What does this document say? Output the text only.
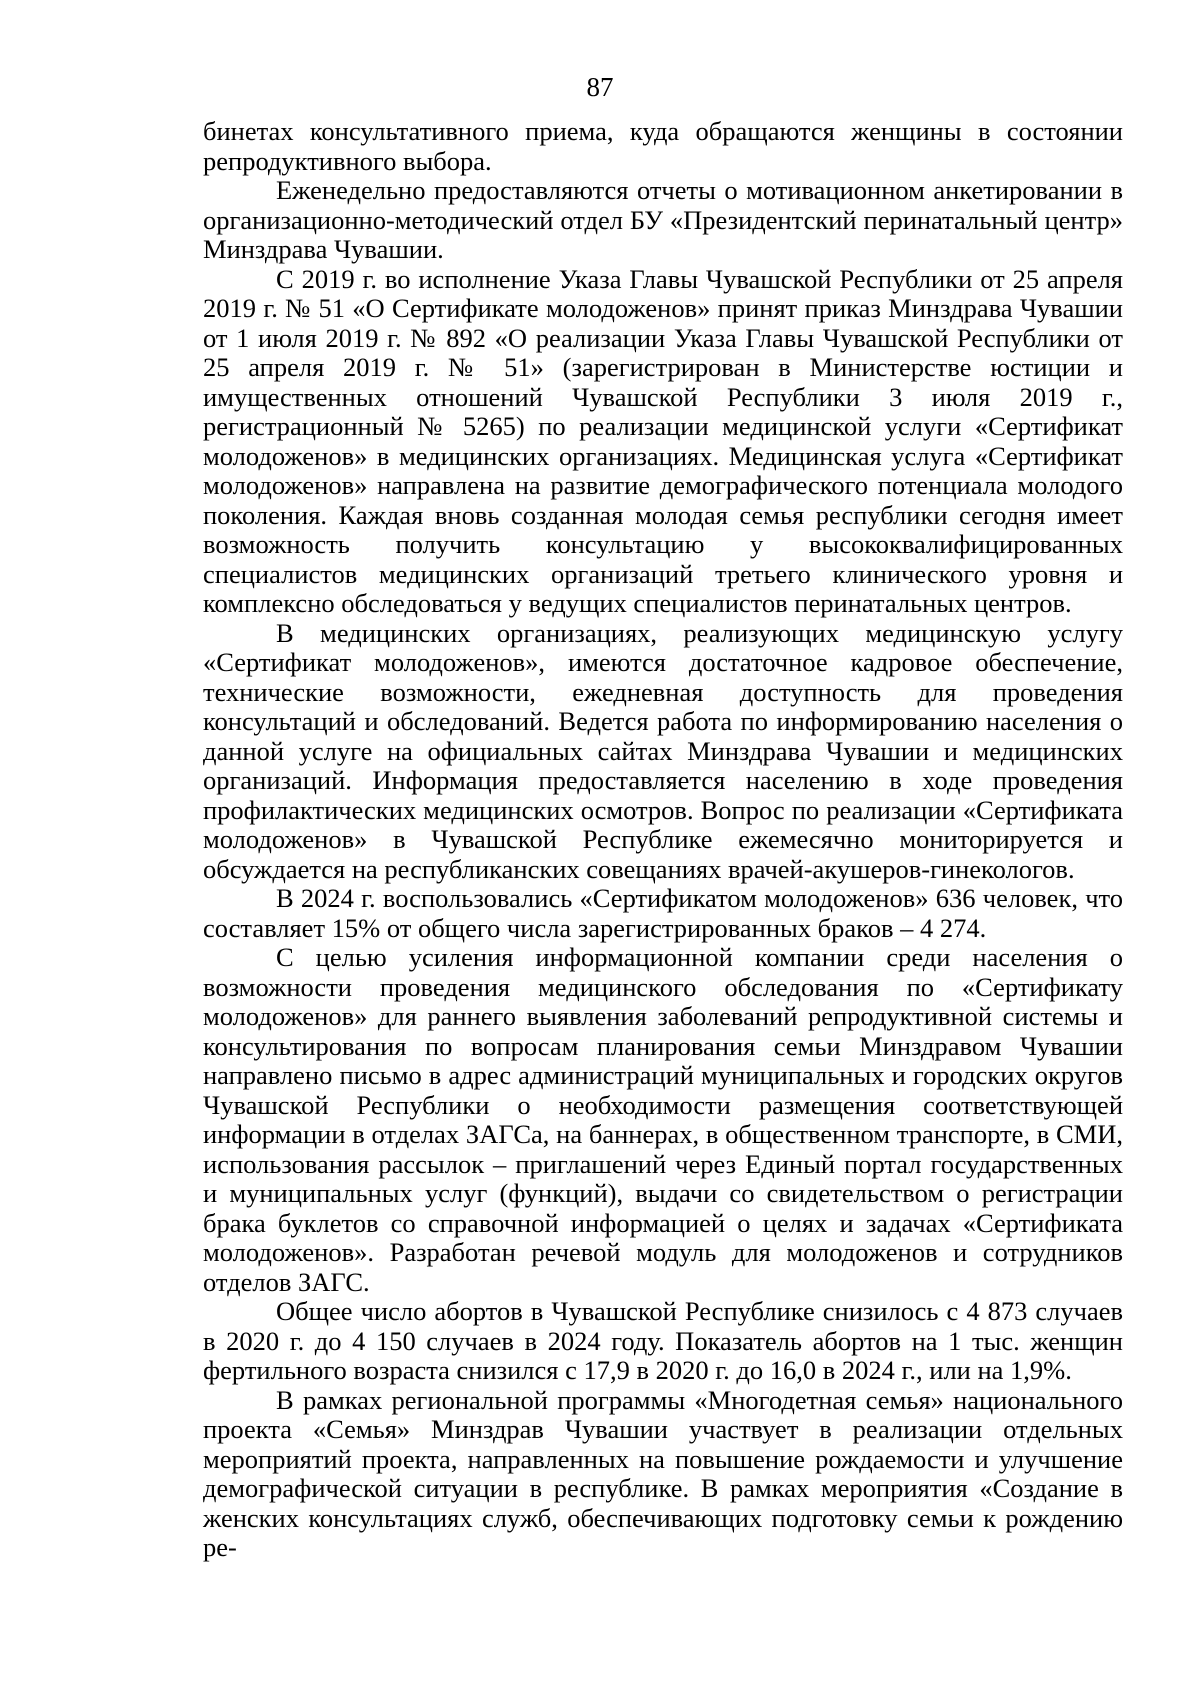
87

бинетах консультативного приема, куда обращаются женщины в состоянии репродуктивного выбора.

Еженедельно предоставляются отчеты о мотивационном анкетировании в организационно-методический отдел БУ «Президентский перинатальный центр» Минздрава Чувашии.

С 2019 г. во исполнение Указа Главы Чувашской Республики от 25 апреля 2019 г. № 51 «О Сертификате молодоженов» принят приказ Минздрава Чувашии от 1 июля 2019 г. № 892 «О реализации Указа Главы Чувашской Республики от 25 апреля 2019 г. № 51» (зарегистрирован в Министерстве юстиции и имущественных отношений Чувашской Республики 3 июля 2019 г., регистрационный № 5265) по реализации медицинской услуги «Сертификат молодоженов» в медицинских организациях. Медицинская услуга «Сертификат молодоженов» направлена на развитие демографического потенциала молодого поколения. Каждая вновь созданная молодая семья республики сегодня имеет возможность получить консультацию у высококвалифицированных специалистов медицинских организаций третьего клинического уровня и комплексно обследоваться у ведущих специалистов перинатальных центров.

В медицинских организациях, реализующих медицинскую услугу «Сертификат молодоженов», имеются достаточное кадровое обеспечение, технические возможности, ежедневная доступность для проведения консультаций и обследований. Ведется работа по информированию населения о данной услуге на официальных сайтах Минздрава Чувашии и медицинских организаций. Информация предоставляется населению в ходе проведения профилактических медицинских осмотров. Вопрос по реализации «Сертификата молодоженов» в Чувашской Республике ежемесячно мониторируется и обсуждается на республиканских совещаниях врачей-акушеров-гинекологов.

В 2024 г. воспользовались «Сертификатом молодоженов» 636 человек, что составляет 15% от общего числа зарегистрированных браков – 4 274.

С целью усиления информационной компании среди населения о возможности проведения медицинского обследования по «Сертификату молодоженов» для раннего выявления заболеваний репродуктивной системы и консультирования по вопросам планирования семьи Минздравом Чувашии направлено письмо в адрес администраций муниципальных и городских округов Чувашской Республики о необходимости размещения соответствующей информации в отделах ЗАГСа, на баннерах, в общественном транспорте, в СМИ, использования рассылок – приглашений через Единый портал государственных и муниципальных услуг (функций), выдачи со свидетельством о регистрации брака буклетов со справочной информацией о целях и задачах «Сертификата молодоженов». Разработан речевой модуль для молодоженов и сотрудников отделов ЗАГС.

Общее число абортов в Чувашской Республике снизилось с 4 873 случаев в 2020 г. до 4 150 случаев в 2024 году. Показатель абортов на 1 тыс. женщин фертильного возраста снизился с 17,9 в 2020 г. до 16,0 в 2024 г., или на 1,9%.

В рамках региональной программы «Многодетная семья» национального проекта «Семья» Минздрав Чувашии участвует в реализации отдельных мероприятий проекта, направленных на повышение рождаемости и улучшение демографической ситуации в республике. В рамках мероприятия «Создание в женских консультациях служб, обеспечивающих подготовку семьи к рождению ре-
